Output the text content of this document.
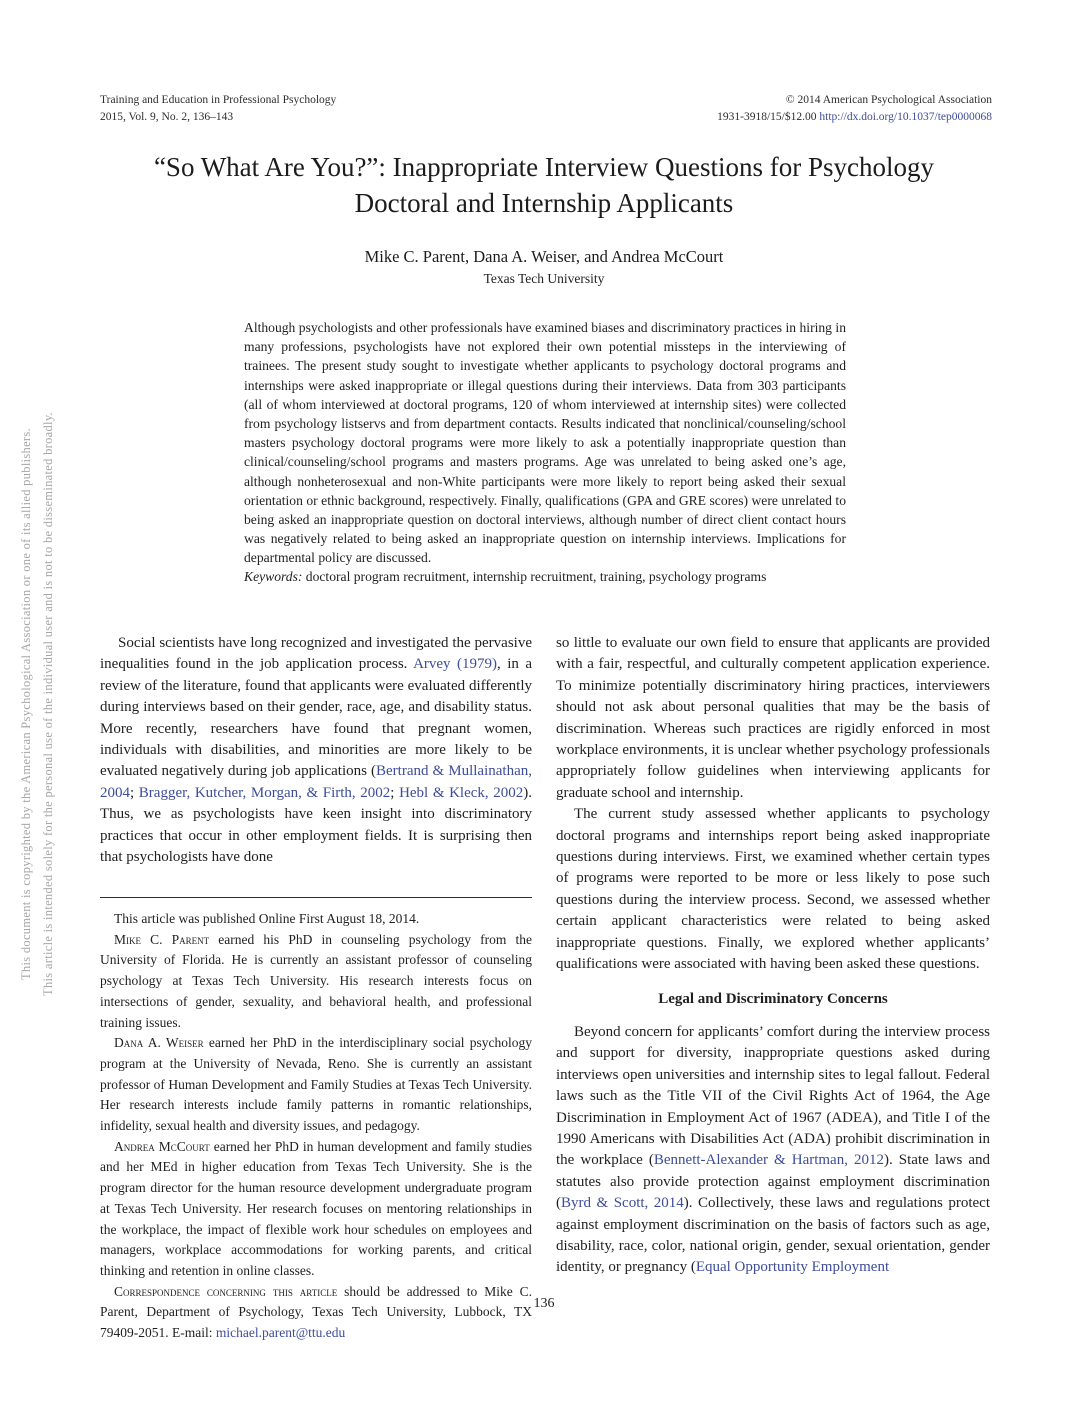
This document is copyrighted by the American Psychological Association or one of its allied publishers. This article is intended solely for the personal use of the individual user and is not to be disseminated broadly.
Training and Education in Professional Psychology
2015, Vol. 9, No. 2, 136–143
© 2014 American Psychological Association
1931-3918/15/$12.00 http://dx.doi.org/10.1037/tep0000068
“So What Are You?”: Inappropriate Interview Questions for Psychology
Doctoral and Internship Applicants
Mike C. Parent, Dana A. Weiser, and Andrea McCourt
Texas Tech University
Although psychologists and other professionals have examined biases and discriminatory practices in hiring in many professions, psychologists have not explored their own potential missteps in the interviewing of trainees. The present study sought to investigate whether applicants to psychology doctoral programs and internships were asked inappropriate or illegal questions during their interviews. Data from 303 participants (all of whom interviewed at doctoral programs, 120 of whom interviewed at internship sites) were collected from psychology listservs and from department contacts. Results indicated that nonclinical/counseling/school masters psychology doctoral programs were more likely to ask a potentially inappropriate question than clinical/counseling/school programs and masters programs. Age was unrelated to being asked one’s age, although nonheterosexual and non-White participants were more likely to report being asked their sexual orientation or ethnic background, respectively. Finally, qualifications (GPA and GRE scores) were unrelated to being asked an inappropriate question on doctoral interviews, although number of direct client contact hours was negatively related to being asked an inappropriate question on internship interviews. Implications for departmental policy are discussed.
Keywords: doctoral program recruitment, internship recruitment, training, psychology programs

Social scientists have long recognized and investigated the pervasive inequalities found in the job application process. Arvey (1979), in a review of the literature, found that applicants were evaluated differently during interviews based on their gender, race, age, and disability status. More recently, researchers have found that pregnant women, individuals with disabilities, and minorities are more likely to be evaluated negatively during job applications (Bertrand & Mullainathan, 2004; Bragger, Kutcher, Morgan, & Firth, 2002; Hebl & Kleck, 2002). Thus, we as psychologists have keen insight into discriminatory practices that occur in other employment fields. It is surprising then that psychologists have done

This article was published Online First August 18, 2014.

Mike C. Parent earned his PhD in counseling psychology from the University of Florida. He is currently an assistant professor of counseling psychology at Texas Tech University. His research interests focus on intersections of gender, sexuality, and behavioral health, and professional training issues.

Dana A. Weiser earned her PhD in the interdisciplinary social psychology program at the University of Nevada, Reno. She is currently an assistant professor of Human Development and Family Studies at Texas Tech University. Her research interests include family patterns in romantic relationships, infidelity, sexual health and diversity issues, and pedagogy.

Andrea McCourt earned her PhD in human development and family studies and her MEd in higher education from Texas Tech University. She is the program director for the human resource development undergraduate program at Texas Tech University. Her research focuses on mentoring relationships in the workplace, the impact of flexible work hour schedules on employees and managers, workplace accommodations for working parents, and critical thinking and retention in online classes.

Correspondence concerning this article should be addressed to Mike C. Parent, Department of Psychology, Texas Tech University, Lubbock, TX 79409-2051. E-mail: michael.parent@ttu.edu

so little to evaluate our own field to ensure that applicants are provided with a fair, respectful, and culturally competent application experience. To minimize potentially discriminatory hiring practices, interviewers should not ask about personal qualities that may be the basis of discrimination. Whereas such practices are rigidly enforced in most workplace environments, it is unclear whether psychology professionals appropriately follow guidelines when interviewing applicants for graduate school and internship.

The current study assessed whether applicants to psychology doctoral programs and internships report being asked inappropriate questions during interviews. First, we examined whether certain types of programs were reported to be more or less likely to pose such questions during the interview process. Second, we assessed whether certain applicant characteristics were related to being asked inappropriate questions. Finally, we explored whether applicants’ qualifications were associated with having been asked these questions.

Legal and Discriminatory Concerns

Beyond concern for applicants’ comfort during the interview process and support for diversity, inappropriate questions asked during interviews open universities and internship sites to legal fallout. Federal laws such as the Title VII of the Civil Rights Act of 1964, the Age Discrimination in Employment Act of 1967 (ADEA), and Title I of the 1990 Americans with Disabilities Act (ADA) prohibit discrimination in the workplace (Bennett-Alexander & Hartman, 2012). State laws and statutes also provide protection against employment discrimination (Byrd & Scott, 2014). Collectively, these laws and regulations protect against employment discrimination on the basis of factors such as age, disability, race, color, national origin, gender, sexual orientation, gender identity, or pregnancy (Equal Opportunity Employment

136
